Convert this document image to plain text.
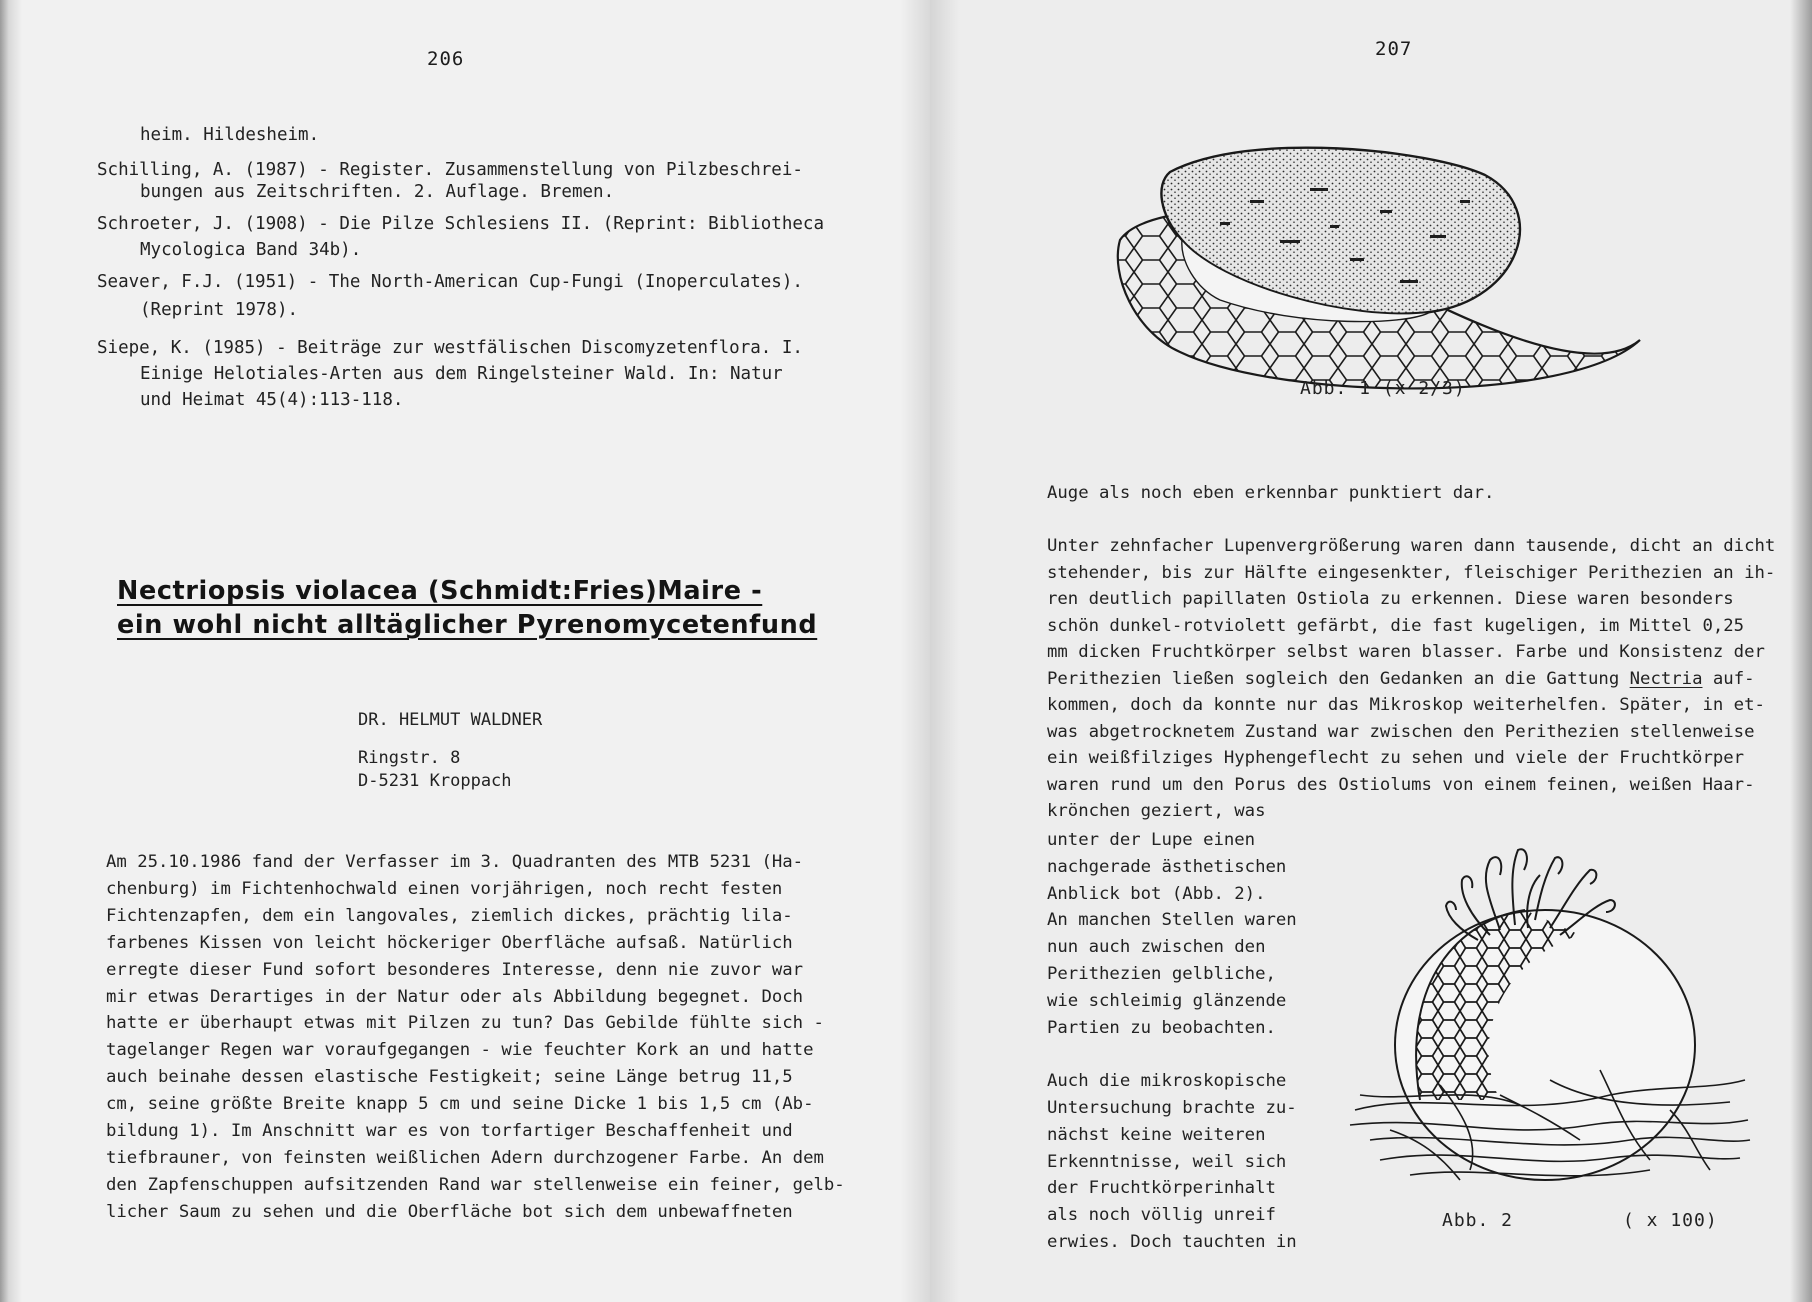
206
heim. Hildesheim.
Schilling, A. (1987) - Register. Zusammenstellung von Pilzbeschrei-
bungen aus Zeitschriften. 2. Auflage. Bremen.
Schroeter, J. (1908) - Die Pilze Schlesiens II. (Reprint: Bibliotheca
Mycologica Band 34b).
Seaver, F.J. (1951) - The North-American Cup-Fungi (Inoperculates).
(Reprint 1978).
Siepe, K. (1985) - Beiträge zur westfälischen Discomyzetenflora. I.
Einige Helotiales-Arten aus dem Ringelsteiner Wald. In: Natur
und Heimat 45(4):113-118.
Nectriopsis violacea (Schmidt:Fries)Maire -
ein wohl nicht alltäglicher Pyrenomycetenfund
DR. HELMUT WALDNER
Ringstr. 8
D-5231 Kroppach
Am 25.10.1986 fand der Verfasser im 3. Quadranten des MTB 5231 (Ha-
chenburg) im Fichtenhochwald einen vorjährigen, noch recht festen
Fichtenzapfen, dem ein langovales, ziemlich dickes, prächtig lila-
farbenes Kissen von leicht höckeriger Oberfläche aufsaß. Natürlich
erregte dieser Fund sofort besonderes Interesse, denn nie zuvor war
mir etwas Derartiges in der Natur oder als Abbildung begegnet. Doch
hatte er überhaupt etwas mit Pilzen zu tun? Das Gebilde fühlte sich -
tagelanger Regen war voraufgegangen - wie feuchter Kork an und hatte
auch beinahe dessen elastische Festigkeit; seine Länge betrug 11,5
cm, seine größte Breite knapp 5 cm und seine Dicke 1 bis 1,5 cm (Ab-
bildung 1). Im Anschnitt war es von torfartiger Beschaffenheit und
tiefbrauner, von feinsten weißlichen Adern durchzogener Farbe. An dem
den Zapfenschuppen aufsitzenden Rand war stellenweise ein feiner, gelb-
licher Saum zu sehen und die Oberfläche bot sich dem unbewaffneten
207
Abb. 1 (x 2/3)
Auge als noch eben erkennbar punktiert dar.
Unter zehnfacher Lupenvergrößerung waren dann tausende, dicht an dicht
stehender, bis zur Hälfte eingesenkter, fleischiger Perithezien an ih-
ren deutlich papillaten Ostiola zu erkennen. Diese waren besonders
schön dunkel-rotviolett gefärbt, die fast kugeligen, im Mittel 0,25
mm dicken Fruchtkörper selbst waren blasser. Farbe und Konsistenz der
Perithezien ließen sogleich den Gedanken an die Gattung Nectria auf-
kommen, doch da konnte nur das Mikroskop weiterhelfen. Später, in et-
was abgetrocknetem Zustand war zwischen den Perithezien stellenweise
ein weißfilziges Hyphengeflecht zu sehen und viele der Fruchtkörper
waren rund um den Porus des Ostiolums von einem feinen, weißen Haar-
krönchen geziert, was
unter der Lupe einen
nachgerade ästhetischen
Anblick bot (Abb. 2).
An manchen Stellen waren
nun auch zwischen den
Perithezien gelbliche,
wie schleimig glänzende
Partien zu beobachten.
Auch die mikroskopische
Untersuchung brachte zu-
nächst keine weiteren
Erkenntnisse, weil sich
der Fruchtkörperinhalt
als noch völlig unreif
erwies. Doch tauchten in
Abb. 2	( x 100)
